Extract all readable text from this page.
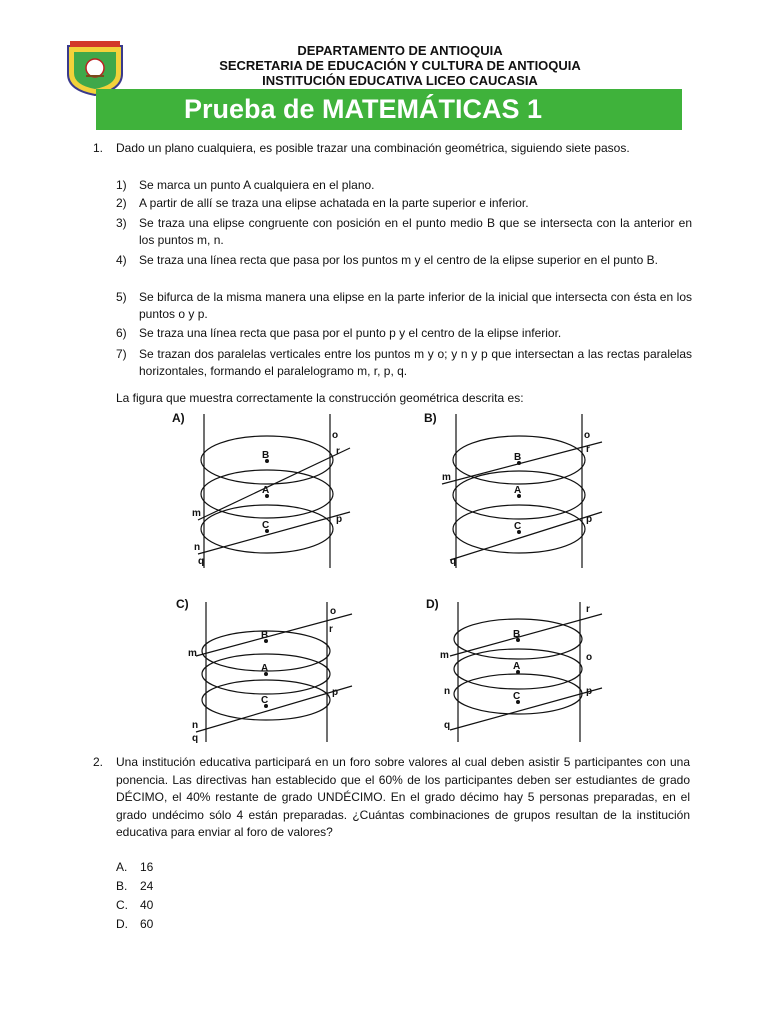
DEPARTAMENTO DE ANTIOQUIA
SECRETARIA DE EDUCACIÓN Y CULTURA DE ANTIOQUIA
INSTITUCIÓN EDUCATIVA LICEO CAUCASIA
Prueba de MATEMÁTICAS 1
1. Dado un plano cualquiera, es posible trazar una combinación geométrica, siguiendo siete pasos.
1) Se marca un punto A cualquiera en el plano.
2) A partir de allí se traza una elipse achatada en la parte superior e inferior.
3) Se traza una elipse congruente con posición en el punto medio B que se intersecta con la anterior en los puntos m, n.
4) Se traza una línea recta que pasa por los puntos m y el centro de la elipse superior en el punto B.
5) Se bifurca de la misma manera una elipse en la parte inferior de la inicial que intersecta con ésta en los puntos o y p.
6) Se traza una línea recta que pasa por el punto p y el centro de la elipse inferior.
7) Se trazan dos paralelas verticales entre los puntos m y o; y n y p que intersectan a las rectas paralelas horizontales, formando el paralelogramo m, r, p, q.
La figura que muestra correctamente la construcción geométrica descrita es:
A)
B
A
C
o
r
m
p
n
q
B)
B
A
C
o
r
m
p
q
C)
B
A
C
o
r
m
p
n
q
D)
B
A
C
r
o
m
p
n
q
2. Una institución educativa participará en un foro sobre valores al cual deben asistir 5 participantes con una ponencia. Las directivas han establecido que el 60% de los participantes deben ser estudiantes de grado DÉCIMO, el 40% restante de grado UNDÉCIMO. En el grado décimo hay 5 personas preparadas, en el grado undécimo sólo 4 están preparadas. ¿Cuántas combinaciones de grupos resultan de la institución educativa para enviar al foro de valores?
A. 16
B. 24
C. 40
D. 60
